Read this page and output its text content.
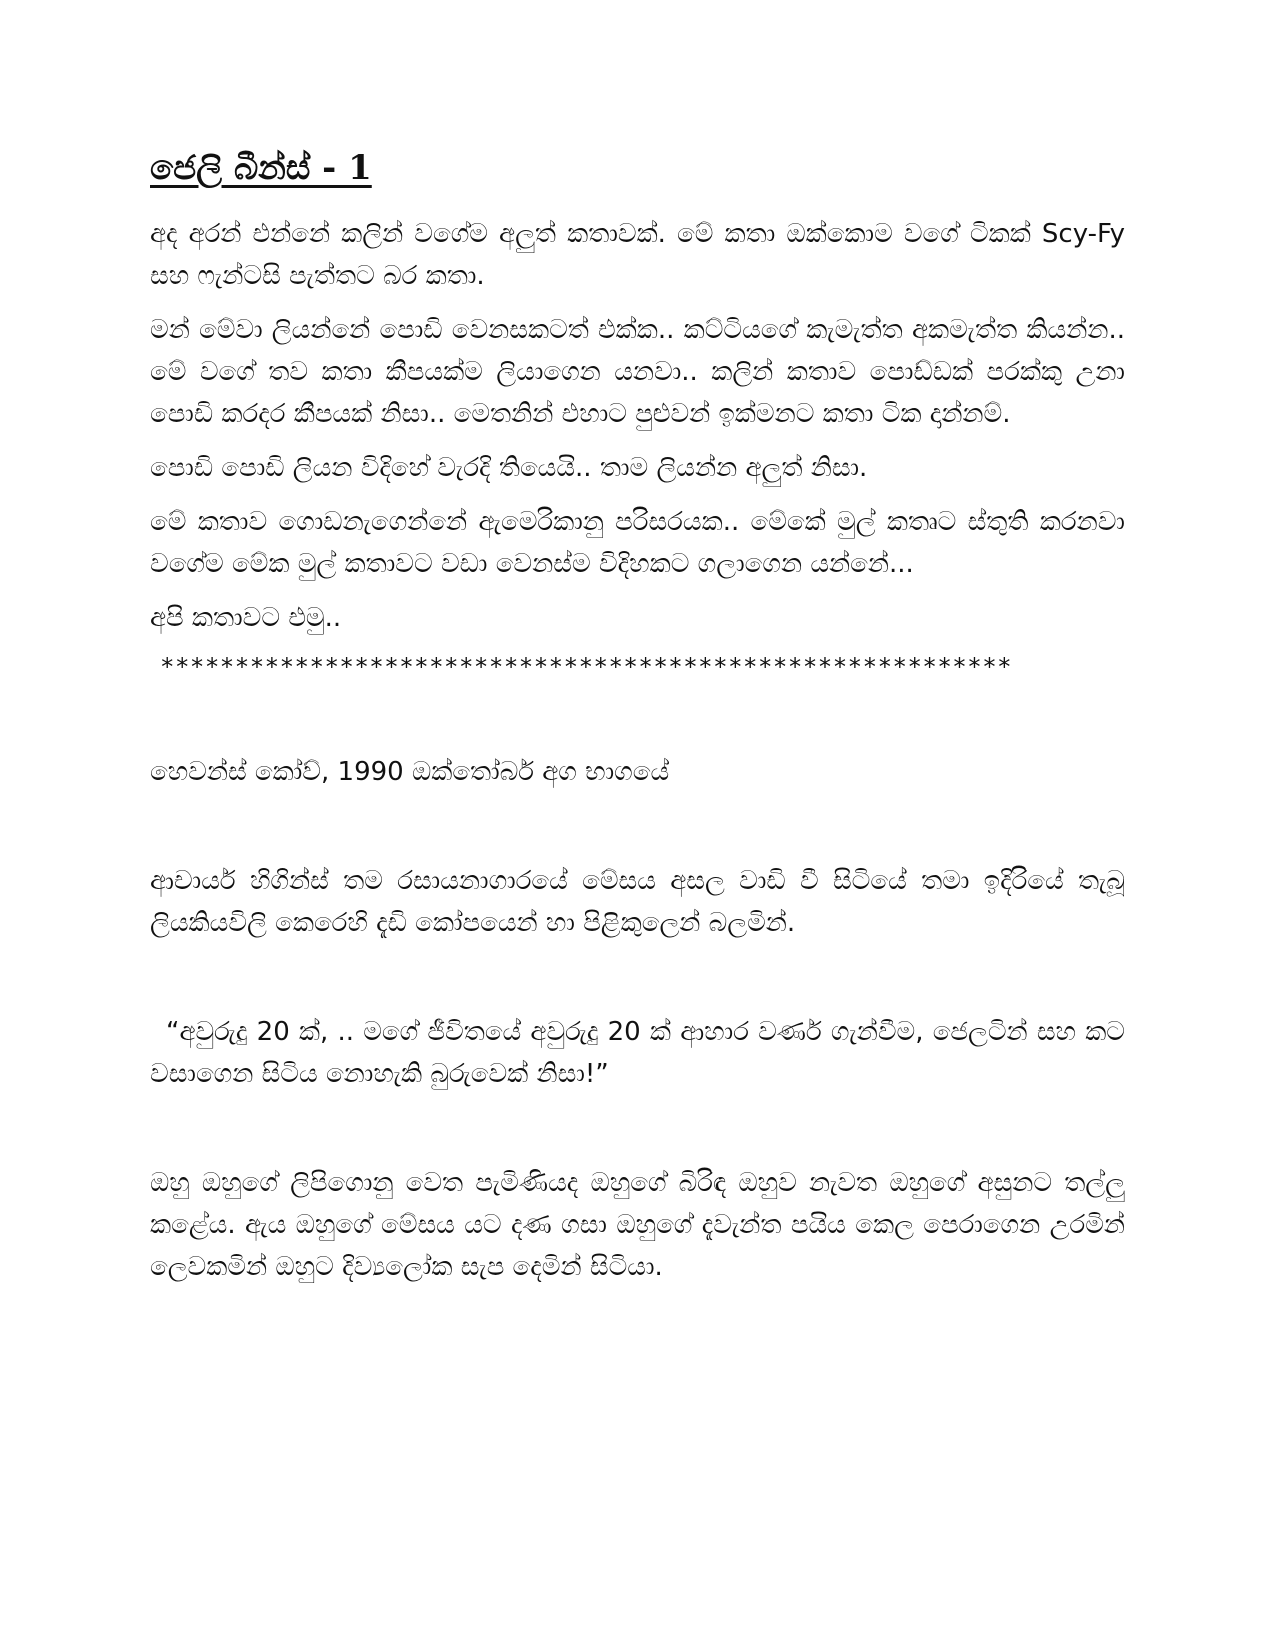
ජෙලි බීන්ස් - 1

අද අරන් එන්නේ කලින් වගේම අලුත් කතාවක්. මේ කතා ඔක්කොම වගේ ටිකක් Scy-Fy සහ ෆැන්ටසි පැත්තට බර කතා.

මන් මේවා ලියන්නේ පොඩි වෙනසකටත් එක්ක.. කට්ටියගේ කැමැත්ත අකමැත්ත කියන්න.. මේ වගේ තව කතා කීපයක්ම ලියාගෙන යනවා.. කලින් කතාව පොඩ්ඩක් පරක්කු උනා පොඩි කරදර කීපයක් නිසා.. මෙතනින් එහාට පුළුවන් ඉක්මනට කතා ටික දාන්නම්.

පොඩි පොඩි ලියන විදිහේ වැරදි තියෙයි.. තාම ලියන්න අලුත් නිසා.

මේ කතාව ගොඩනැගෙන්නේ ඇමෙරිකානු පරිසරයක.. මේකේ මුල් කතෘට ස්තුති කරනවා වගේම මේක මුල් කතාවට වඩා වෙනස්ම විදිහකට ගලාගෙන යන්නේ...

අපි කතාවට එමු..

*********************************************************

හෙවන්ස් කෝව්, 1990 ඔක්තෝබර් අග භාගයේ

ආචාර්ය හිගින්ස් තම රසායනාගාරයේ මේසය අසල වාඩි වී සිටියේ තමා ඉදිරියේ තැබූ ලියකියවිලි කෙරෙහි දැඩි කෝපයෙන් හා පිළිකුලෙන් බලමින්.

“අවුරුදු 20 ක්, .. මගේ ජීවිතයේ අවුරුදු 20 ක් ආහාර වර්ණ ගැන්වීම, ජෙලටින් සහ කට වසාගෙන සිටිය නොහැකි බුරුවෙක් නිසා!”

ඔහු ඔහුගේ ලිපිගොනු වෙත පැමිණියද ඔහුගේ බිරිඳ ඔහුව නැවත ඔහුගේ අසුනට තල්ලු කළේය. ඇය ඔහුගේ මේසය යට දණ ගසා ඔහුගේ දැවැන්ත පයිය කෙල පෙරාගෙන උරමින් ලෙවකමින් ඔහුට දිව්‍යලෝක සැප දෙමින් සිටියා.
